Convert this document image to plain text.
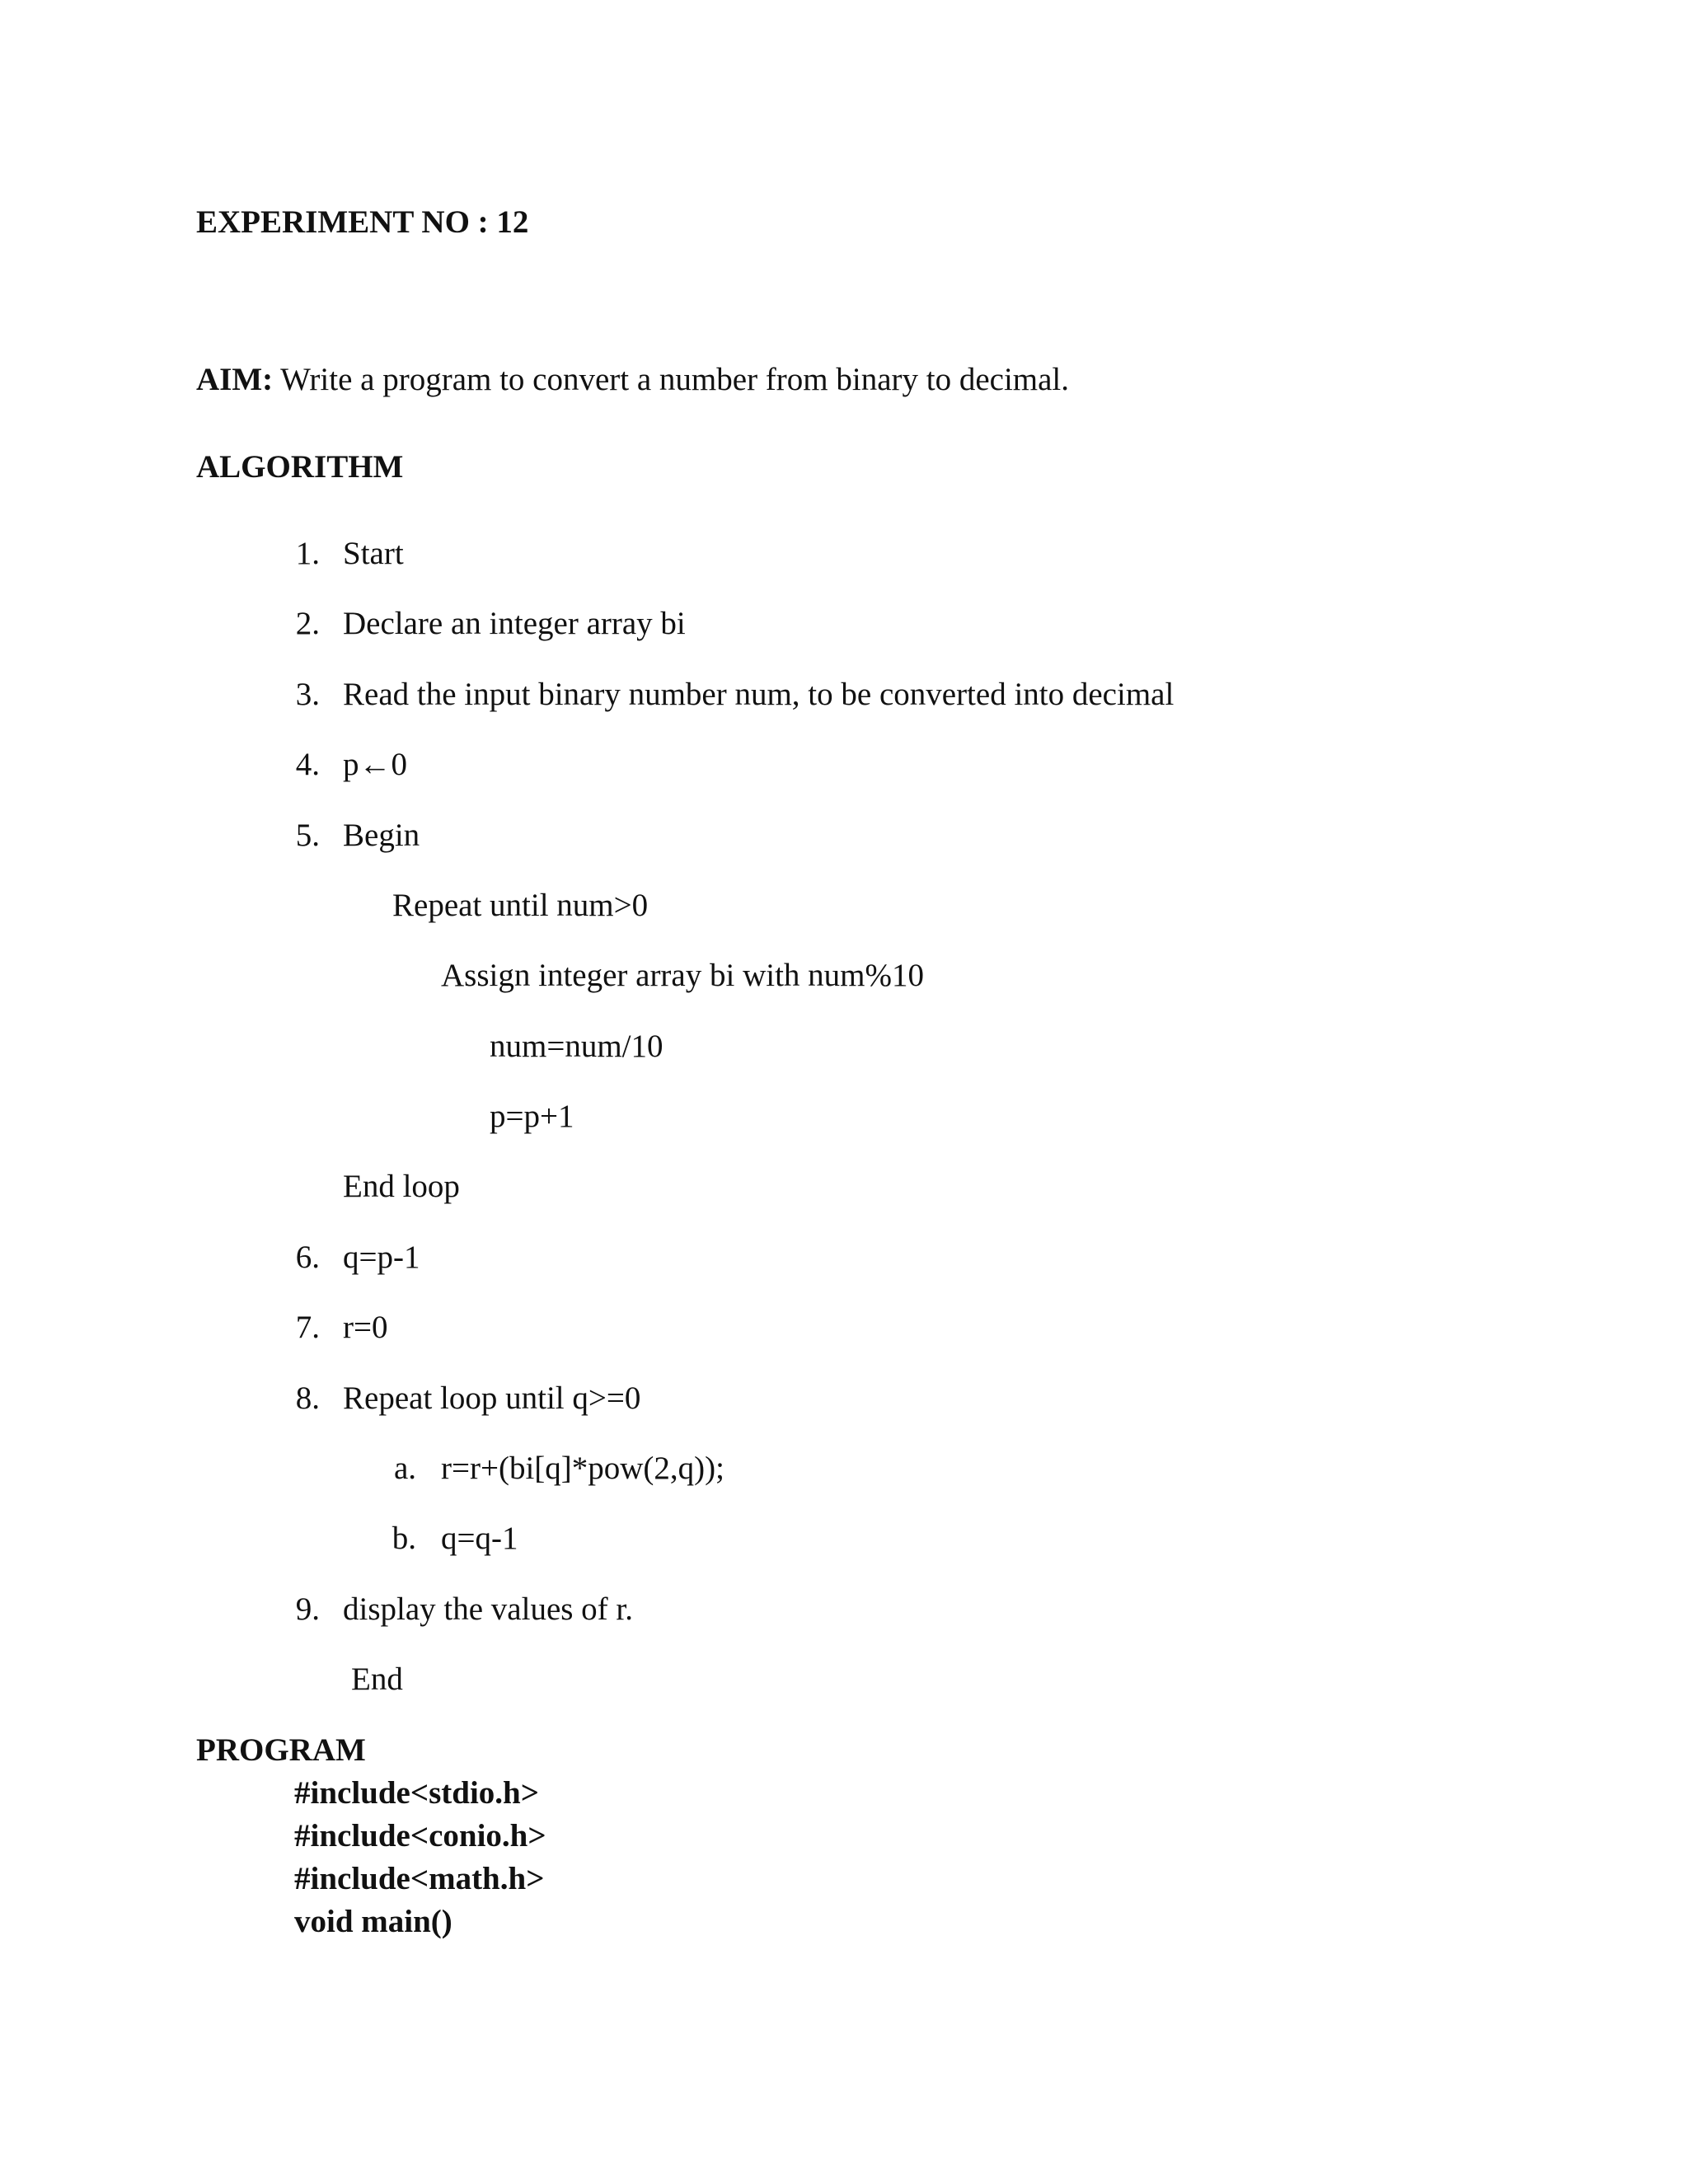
EXPERIMENT NO : 12
AIM: Write a program to convert a number from binary to decimal.
ALGORITHM
1. Start
2. Declare an integer array bi
3. Read the input binary number num, to be converted into decimal
4. p←0
5. Begin
Repeat until num>0
Assign integer array bi with num%10
num=num/10
p=p+1
End loop
6. q=p-1
7. r=0
8. Repeat loop until q>=0
a. r=r+(bi[q]*pow(2,q));
b. q=q-1
9. display the values of r.
End
PROGRAM
#include<stdio.h>
#include<conio.h>
#include<math.h>
void main()
